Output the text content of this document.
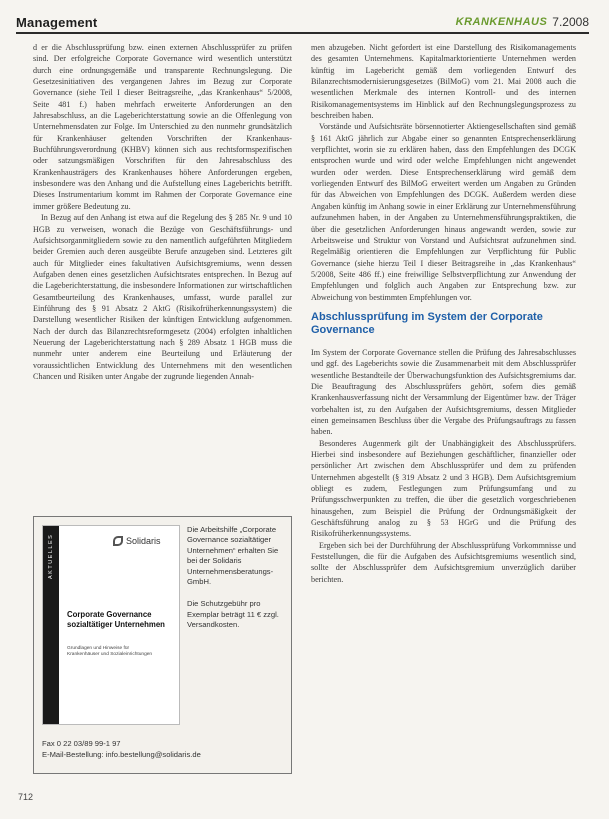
Management	KRANKENHAUS 7.2008

d er die Abschlussprüfung bzw. einen externen Abschlussprüfer zu prüfen sind. Der erfolgreiche Corporate Governance wird wesentlich unterstützt durch eine ordnungsgemäße und transparente Rechnungslegung. Die Gesetzesinitiativen des vergangenen Jahres im Bezug zur Corporate Governance (siehe Teil I dieser Beitragsreihe, „das Krankenhaus“ 5/2008, Seite 481 f.) haben mehrfach erweiterte Anforderungen an den Jahresabschluss, an die Lageberichterstattung sowie an die Offenlegung von Unternehmensdaten zur Folge. Im Unterschied zu den nunmehr grundsätzlich für Krankenhäuser geltenden Vorschriften der Krankenhaus-Buchführungsverordnung (KHBV) können sich aus rechtsformspezifischen oder satzungsmäßigen Vorschriften für den Jahresabschluss des Krankenhausträgers des Krankenhauses höhere Anforderungen ergeben, insbesondere was den Anhang und die Aufstellung eines Lageberichts betrifft. Dieses Instrumentarium kommt im Rahmen der Corporate Governance eine immer größere Bedeutung zu.

In Bezug auf den Anhang ist etwa auf die Regelung des § 285 Nr. 9 und 10 HGB zu verweisen, wonach die Bezüge von Geschäftsführungs- und Aufsichtsorganmitgliedern sowie zu den namentlich aufgeführten Mitgliedern beider Gremien auch deren ausgeübte Berufe anzugeben sind. Letzteres gilt auch für Mitglieder eines fakultativen Aufsichtsgremiums, wenn dessen Aufgaben denen eines gesetzlichen Aufsichtsrates entsprechen. In Bezug auf die Lageberichterstattung, die insbesondere Informationen zur wirtschaftlichen Gesamtbeurteilung des Krankenhauses, umfasst, wurde parallel zur Einführung des § 91 Absatz 2 AktG (Risikofrüherkennungssystem) die Darstellung wesentlicher Risiken der künftigen Entwicklung aufgenommen. Nach der durch das Bilanzrechtsreformgesetz (2004) erfolgten inhaltlichen Neuerung der Lageberichterstattung nach § 289 Absatz 1 HGB muss die nunmehr unter anderem eine Beurteilung und Erläuterung der voraussichtlichen Entwicklung des Unternehmens mit den wesentlichen Chancen und Risiken unter Angabe der zugrunde liegenden Annah-

men abzugeben. Nicht gefordert ist eine Darstellung des Risikomanagements des gesamten Unternehmens. Kapitalmarktorientierte Unternehmen werden künftig im Lagebericht gemäß dem vorliegenden Entwurf des Bilanzrechtsmodernisierungsgesetzes (BilMoG) vom 21. Mai 2008 auch die wesentlichen Merkmale des internen Kontroll- und des internen Risikomanagementsystems im Hinblick auf den Rechnungslegungsprozess zu beschreiben haben.

Vorstände und Aufsichtsräte börsennotierter Aktiengesellschaften sind gemäß § 161 AktG jährlich zur Abgabe einer so genannten Entsprechenserklärung verpflichtet, worin sie zu erklären haben, dass den Empfehlungen des DCGK entsprochen wurde und wird oder welche Empfehlungen nicht angewendet wurden oder werden. Diese Entsprechenserklärung wird gemäß dem vorliegenden Entwurf des BilMoG erweitert werden um Angaben zu Gründen für das Abweichen von Empfehlungen des DCGK. Außerdem werden diese Angaben künftig im Anhang sowie in einer Erklärung zur Unternehmensführung aufzunehmen haben, in der Angaben zu Unternehmensführungspraktiken, die über die gesetzlichen Anforderungen hinaus angewandt werden, sowie zur Arbeitsweise und Struktur von Vorstand und Aufsichtsrat aufzunehmen sind. Regelmäßig orientieren die Empfehlungen zur Verpflichtung für Public Governance (siehe hierzu Teil I dieser Beitragsreihe in „das Krankenhaus“ 5/2008, Seite 486 ff.) eine freiwillige Selbstverpflichtung zur Anwendung der Empfehlungen und folglich auch Angaben zur Entsprechung bzw. zur Abweichung von bestimmten Empfehlungen vor.

Abschlussprüfung im System der Corporate Governance

Im System der Corporate Governance stellen die Prüfung des Jahresabschlusses und ggf. des Lageberichts sowie die Zusammenarbeit mit dem Abschlussprüfer wesentliche Bestandteile der Überwachungsfunktion des Aufsichtsgremiums dar. Die Beauftragung des Abschlussprüfers gehört, sofern dies gemäß Krankenhausverfassung nicht der Versammlung der Eigentümer bzw. der Träger vorbehalten ist, zu den Aufgaben der Aufsichtsgremiums, dessen Mitglieder einen gemeinsamen Beschluss über die Vergabe des Prüfungsauftrags zu fassen haben.

Besonderes Augenmerk gilt der Unabhängigkeit des Abschlussprüfers. Hierbei sind insbesondere auf Beziehungen geschäftlicher, finanzieller oder persönlicher Art zwischen dem Abschlussprüfer und dem zu prüfenden Unternehmen abgestellt (§ 319 Absatz 2 und 3 HGB). Dem Aufsichtsgremium obliegt es zudem, Festlegungen zum Prüfungsumfang und zu Prüfungsschwerpunkten zu treffen, die über die gesetzlich vorgeschriebenen hinausgehen, zum Beispiel die Prüfung der Ordnungsmäßigkeit der Geschäftsführung analog zu § 53 HGrG und die Prüfung des Risikofrüherkennungssystems.

Ergeben sich bei der Durchführung der Abschlussprüfung Vorkommnisse und Feststellungen, die für die Aufgaben des Aufsichtsgremiums wesentlich sind, sollte der Abschlussprüfer dem Aufsichtsgremium unverzüglich darüber berichten.

AKTUELLES	Solidaris
Corporate Governance sozialtätiger Unternehmen
Grundlagen und Hinweise für Krankenhäuser und Sozialeinrichtungen
Die Arbeitshilfe „Corporate Governance sozialtätiger Unternehmen“ erhalten Sie bei der Solidaris Unternehmensberatungs-GmbH.
Die Schutzgebühr pro Exemplar beträgt 11 € zzgl. Versandkosten.
Fax 0 22 03/89 99-1 97
E-Mail-Bestellung: info.bestellung@solidaris.de
712
